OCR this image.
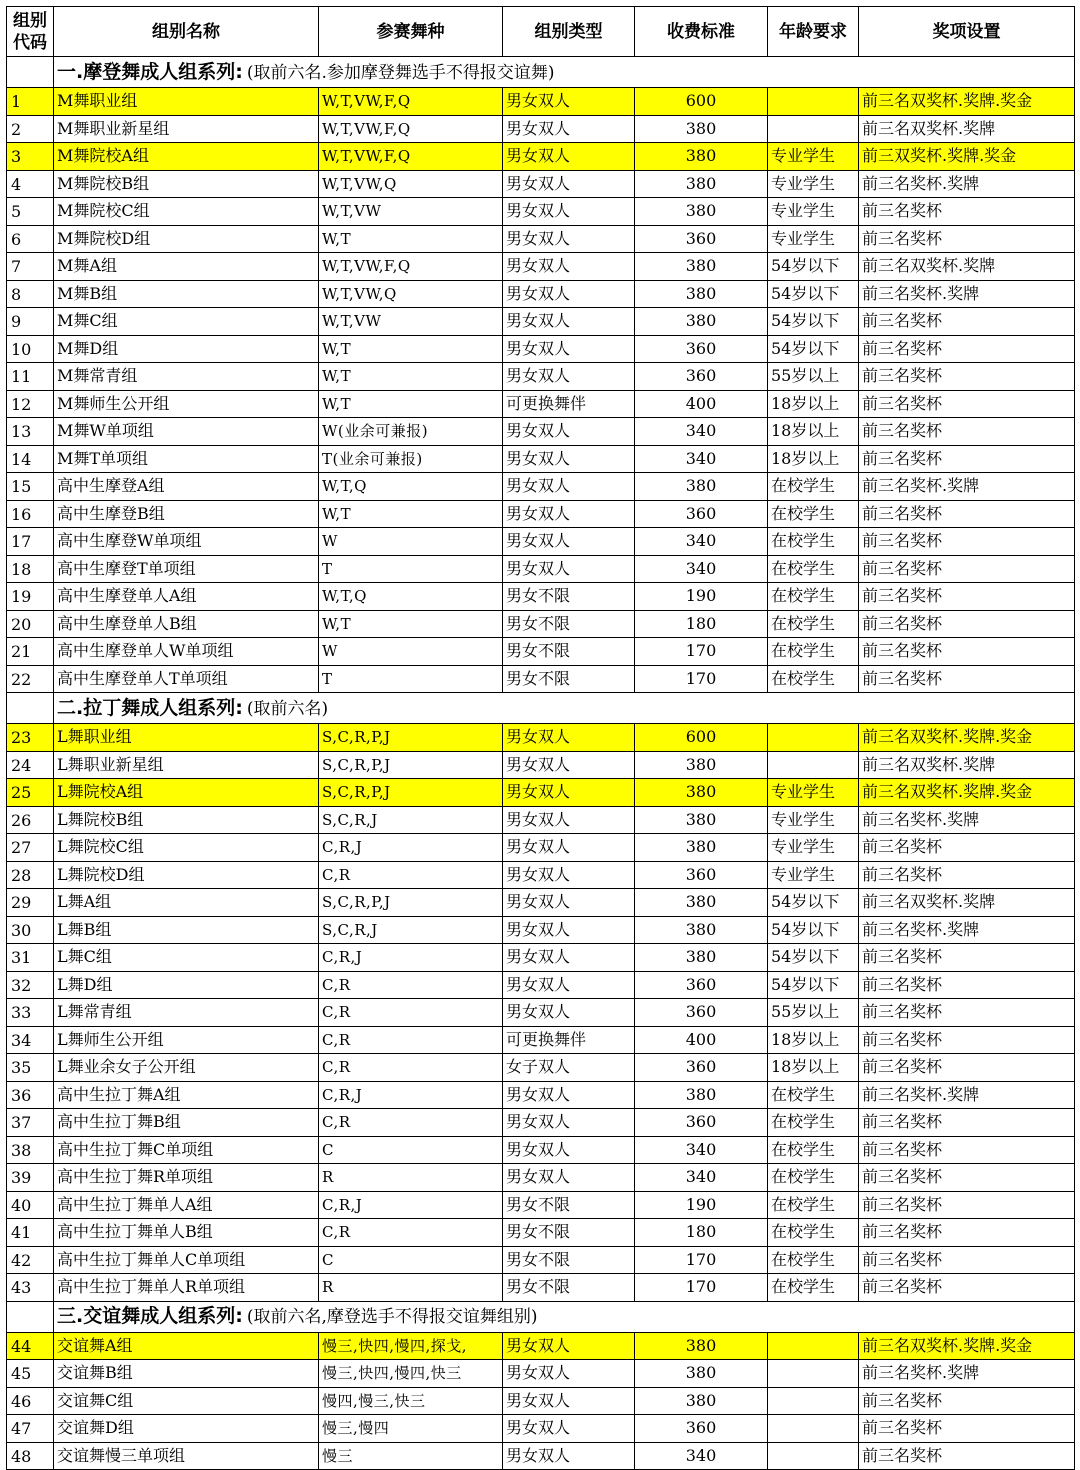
组别代码	组别名称	参赛舞种	组别类型	收费标准	年龄要求	奖项设置
	一.摩登舞成人组系列: (取前六名.参加摩登舞选手不得报交谊舞)					
1	M舞职业组	W,T,VW,F,Q	男女双人	600		前三名双奖杯.奖牌.奖金
2	M舞职业新星组	W,T,VW,F,Q	男女双人	380		前三名双奖杯.奖牌
3	M舞院校A组	W,T,VW,F,Q	男女双人	380	专业学生	前三双奖杯.奖牌.奖金
4	M舞院校B组	W,T,VW,Q	男女双人	380	专业学生	前三名奖杯.奖牌
5	M舞院校C组	W,T,VW	男女双人	380	专业学生	前三名奖杯
6	M舞院校D组	W,T	男女双人	360	专业学生	前三名奖杯
7	M舞A组	W,T,VW,F,Q	男女双人	380	54岁以下	前三名双奖杯.奖牌
8	M舞B组	W,T,VW,Q	男女双人	380	54岁以下	前三名奖杯.奖牌
9	M舞C组	W,T,VW	男女双人	380	54岁以下	前三名奖杯
10	M舞D组	W,T	男女双人	360	54岁以下	前三名奖杯
11	M舞常青组	W,T	男女双人	360	55岁以上	前三名奖杯
12	M舞师生公开组	W,T	可更换舞伴	400	18岁以上	前三名奖杯
13	M舞W单项组	W(业余可兼报)	男女双人	340	18岁以上	前三名奖杯
14	M舞T单项组	T(业余可兼报)	男女双人	340	18岁以上	前三名奖杯
15	高中生摩登A组	W,T,Q	男女双人	380	在校学生	前三名奖杯.奖牌
16	高中生摩登B组	W,T	男女双人	360	在校学生	前三名奖杯
17	高中生摩登W单项组	W	男女双人	340	在校学生	前三名奖杯
18	高中生摩登T单项组	T	男女双人	340	在校学生	前三名奖杯
19	高中生摩登单人A组	W,T,Q	男女不限	190	在校学生	前三名奖杯
20	高中生摩登单人B组	W,T	男女不限	180	在校学生	前三名奖杯
21	高中生摩登单人W单项组	W	男女不限	170	在校学生	前三名奖杯
22	高中生摩登单人T单项组	T	男女不限	170	在校学生	前三名奖杯
	二.拉丁舞成人组系列: (取前六名)					
23	L舞职业组	S,C,R,P,J	男女双人	600		前三名双奖杯.奖牌.奖金
24	L舞职业新星组	S,C,R,P,J	男女双人	380		前三名双奖杯.奖牌
25	L舞院校A组	S,C,R,P,J	男女双人	380	专业学生	前三名双奖杯.奖牌.奖金
26	L舞院校B组	S,C,R,J	男女双人	380	专业学生	前三名奖杯.奖牌
27	L舞院校C组	C,R,J	男女双人	380	专业学生	前三名奖杯
28	L舞院校D组	C,R	男女双人	360	专业学生	前三名奖杯
29	L舞A组	S,C,R,P,J	男女双人	380	54岁以下	前三名双奖杯.奖牌
30	L舞B组	S,C,R,J	男女双人	380	54岁以下	前三名奖杯.奖牌
31	L舞C组	C,R,J	男女双人	380	54岁以下	前三名奖杯
32	L舞D组	C,R	男女双人	360	54岁以下	前三名奖杯
33	L舞常青组	C,R	男女双人	360	55岁以上	前三名奖杯
34	L舞师生公开组	C,R	可更换舞伴	400	18岁以上	前三名奖杯
35	L舞业余女子公开组	C,R	女子双人	360	18岁以上	前三名奖杯
36	高中生拉丁舞A组	C,R,J	男女双人	380	在校学生	前三名奖杯.奖牌
37	高中生拉丁舞B组	C,R	男女双人	360	在校学生	前三名奖杯
38	高中生拉丁舞C单项组	C	男女双人	340	在校学生	前三名奖杯
39	高中生拉丁舞R单项组	R	男女双人	340	在校学生	前三名奖杯
40	高中生拉丁舞单人A组	C,R,J	男女不限	190	在校学生	前三名奖杯
41	高中生拉丁舞单人B组	C,R	男女不限	180	在校学生	前三名奖杯
42	高中生拉丁舞单人C单项组	C	男女不限	170	在校学生	前三名奖杯
43	高中生拉丁舞单人R单项组	R	男女不限	170	在校学生	前三名奖杯
	三.交谊舞成人组系列: (取前六名,摩登选手不得报交谊舞组别)					
44	交谊舞A组	慢三,快四,慢四,探戈,	男女双人	380		前三名双奖杯.奖牌.奖金
45	交谊舞B组	慢三,快四,慢四,快三	男女双人	380		前三名奖杯.奖牌
46	交谊舞C组	慢四,慢三,快三	男女双人	380		前三名奖杯
47	交谊舞D组	慢三,慢四	男女双人	360		前三名奖杯
48	交谊舞慢三单项组	慢三	男女双人	340		前三名奖杯
